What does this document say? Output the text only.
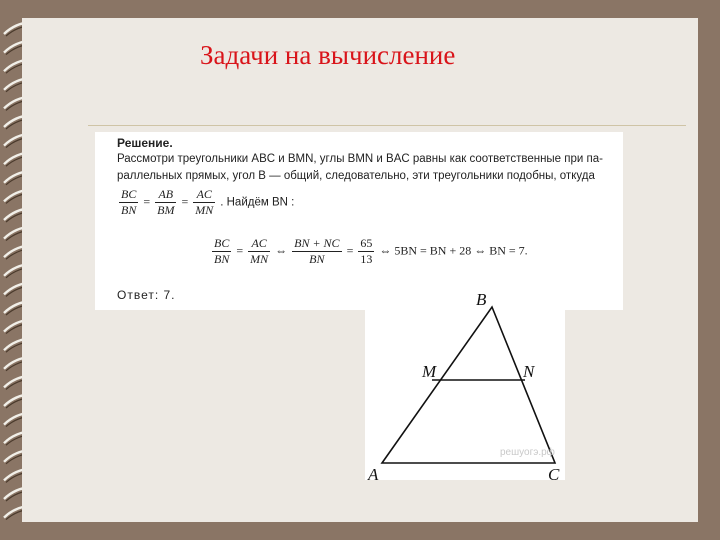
Задачи на вычисление
Решение.
Рассмотри треугольники ABC и BMN, углы BMN и BAC равны как соответственные при па-
раллельных прямых, угол B — общий, следовательно, эти треугольники подобны, откуда
$\frac{BC}{BN} = \frac{AB}{BM} = \frac{AC}{MN}$ . Найдём BN :
$\frac{BC}{BN} = \frac{AC}{MN}$ ⇔ $\frac{BN + NC}{BN} = \frac{65}{13}$ ⇔ 5BN = BN + 28 ⇔ BN = 7.
Ответ: 7.
решуогэ.рф
B
M	N
A	C
